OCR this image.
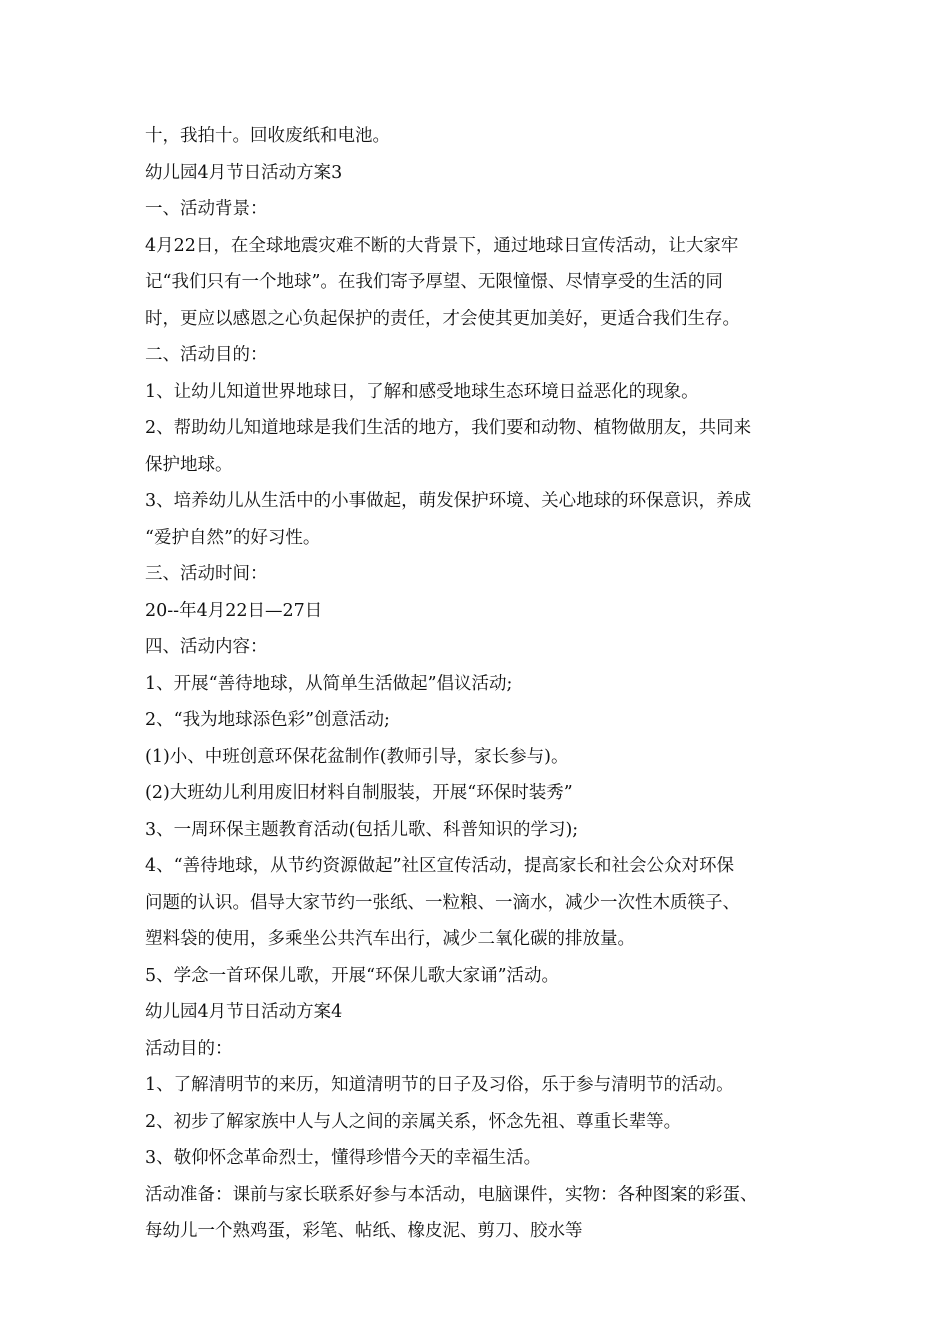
十，我拍十。回收废纸和电池。
幼儿园4月节日活动方案3
一、活动背景：
4月22日，在全球地震灾难不断的大背景下，通过地球日宣传活动，让大家牢
记“我们只有一个地球”。在我们寄予厚望、无限憧憬、尽情享受的生活的同
时，更应以感恩之心负起保护的责任，才会使其更加美好，更适合我们生存。
二、活动目的：
1、让幼儿知道世界地球日，了解和感受地球生态环境日益恶化的现象。
2、帮助幼儿知道地球是我们生活的地方，我们要和动物、植物做朋友，共同来
保护地球。
3、培养幼儿从生活中的小事做起，萌发保护环境、关心地球的环保意识，养成
“爱护自然”的好习性。
三、活动时间：
20--年4月22日—27日
四、活动内容：
1、开展“善待地球，从简单生活做起”倡议活动;
2、“我为地球添色彩”创意活动;
(1)小、中班创意环保花盆制作(教师引导，家长参与)。
(2)大班幼儿利用废旧材料自制服装，开展“环保时装秀”
3、一周环保主题教育活动(包括儿歌、科普知识的学习);
4、“善待地球，从节约资源做起”社区宣传活动，提高家长和社会公众对环保
问题的认识。倡导大家节约一张纸、一粒粮、一滴水，减少一次性木质筷子、
塑料袋的使用，多乘坐公共汽车出行，减少二氧化碳的排放量。
5、学念一首环保儿歌，开展“环保儿歌大家诵”活动。
幼儿园4月节日活动方案4
活动目的：
1、了解清明节的来历，知道清明节的日子及习俗，乐于参与清明节的活动。
2、初步了解家族中人与人之间的亲属关系，怀念先祖、尊重长辈等。
3、敬仰怀念革命烈士，懂得珍惜今天的幸福生活。
活动准备：课前与家长联系好参与本活动，电脑课件，实物：各种图案的彩蛋、
每幼儿一个熟鸡蛋，彩笔、帖纸、橡皮泥、剪刀、胶水等
